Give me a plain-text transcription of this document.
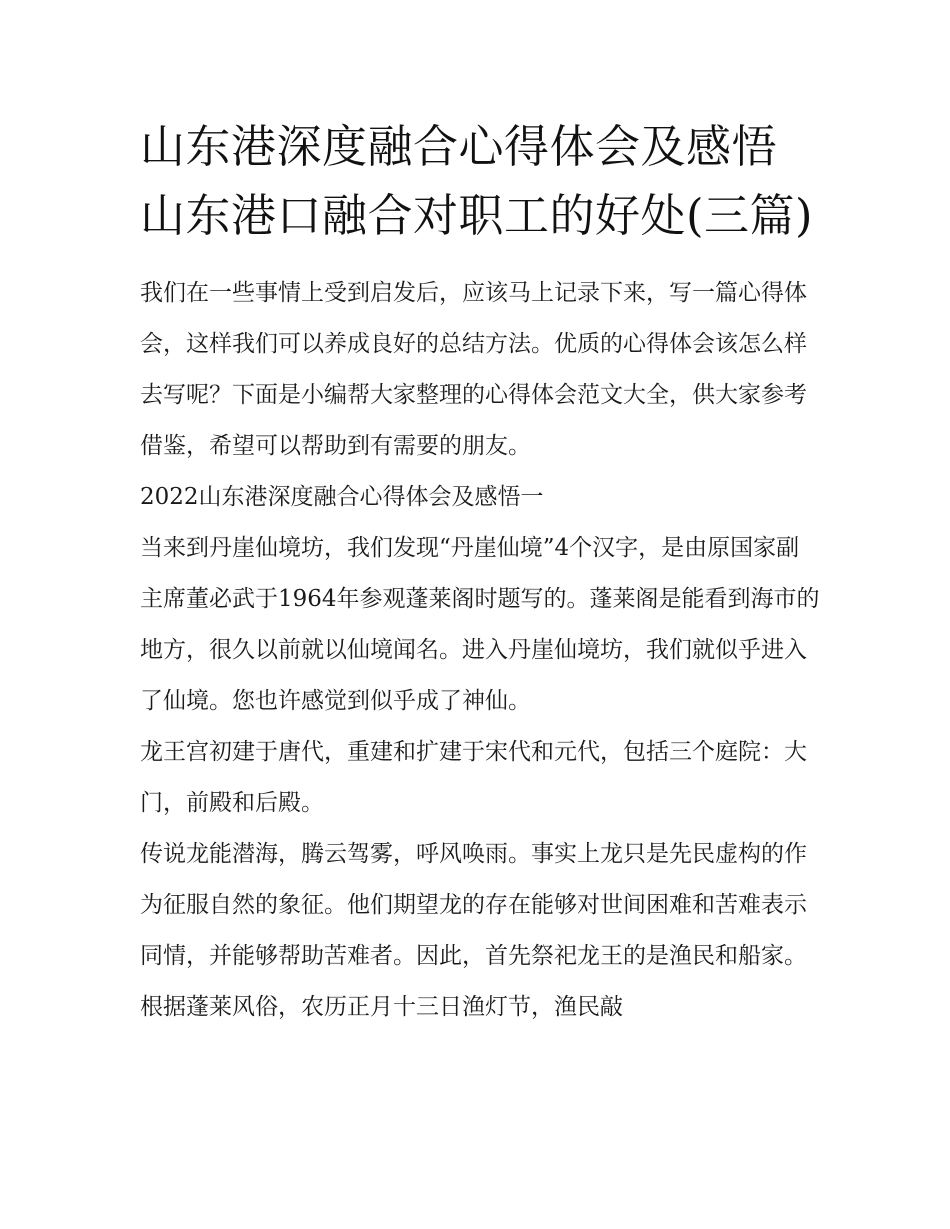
山东港深度融合心得体会及感悟 山东港口融合对职工的好处(三篇)

我们在一些事情上受到启发后，应该马上记录下来，写一篇心得体会，这样我们可以养成良好的总结方法。优质的心得体会该怎么样去写呢？下面是小编帮大家整理的心得体会范文大全，供大家参考借鉴，希望可以帮助到有需要的朋友。

2022山东港深度融合心得体会及感悟一

当来到丹崖仙境坊，我们发现“丹崖仙境”4个汉字，是由原国家副主席董必武于1964年参观蓬莱阁时题写的。蓬莱阁是能看到海市的地方，很久以前就以仙境闻名。进入丹崖仙境坊，我们就似乎进入了仙境。您也许感觉到似乎成了神仙。

龙王宫初建于唐代，重建和扩建于宋代和元代，包括三个庭院：大门，前殿和后殿。

传说龙能潜海，腾云驾雾，呼风唤雨。事实上龙只是先民虚构的作为征服自然的象征。他们期望龙的存在能够对世间困难和苦难表示同情，并能够帮助苦难者。因此，首先祭祀龙王的是渔民和船家。根据蓬莱风俗，农历正月十三日渔灯节，渔民敲
